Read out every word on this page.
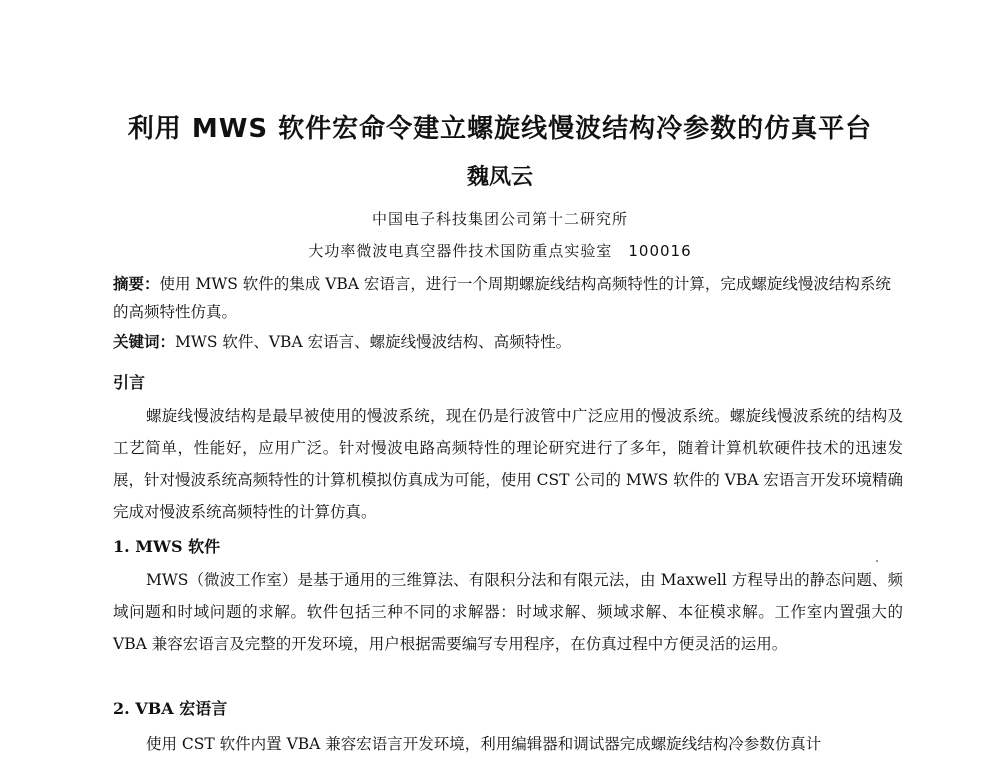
利用 MWS 软件宏命令建立螺旋线慢波结构冷参数的仿真平台
魏凤云
中国电子科技集团公司第十二研究所
大功率微波电真空器件技术国防重点实验室　100016
摘要：使用 MWS 软件的集成 VBA 宏语言，进行一个周期螺旋线结构高频特性的计算，完成螺旋线慢波结构系统的高频特性仿真。
关键词：MWS 软件、VBA 宏语言、螺旋线慢波结构、高频特性。
引言
螺旋线慢波结构是最早被使用的慢波系统，现在仍是行波管中广泛应用的慢波系统。螺旋线慢波系统的结构及工艺简单，性能好，应用广泛。针对慢波电路高频特性的理论研究进行了多年，随着计算机软硬件技术的迅速发展，针对慢波系统高频特性的计算机模拟仿真成为可能，使用 CST 公司的 MWS 软件的 VBA 宏语言开发环境精确完成对慢波系统高频特性的计算仿真。
1. MWS 软件
MWS（微波工作室）是基于通用的三维算法、有限积分法和有限元法，由 Maxwell 方程导出的静态问题、频域问题和时域问题的求解。软件包括三种不同的求解器：时域求解、频域求解、本征模求解。工作室内置强大的 VBA 兼容宏语言及完整的开发环境，用户根据需要编写专用程序，在仿真过程中方便灵活的运用。
2. VBA 宏语言
使用 CST 软件内置 VBA 兼容宏语言开发环境，利用编辑器和调试器完成螺旋线结构冷参数仿真计
